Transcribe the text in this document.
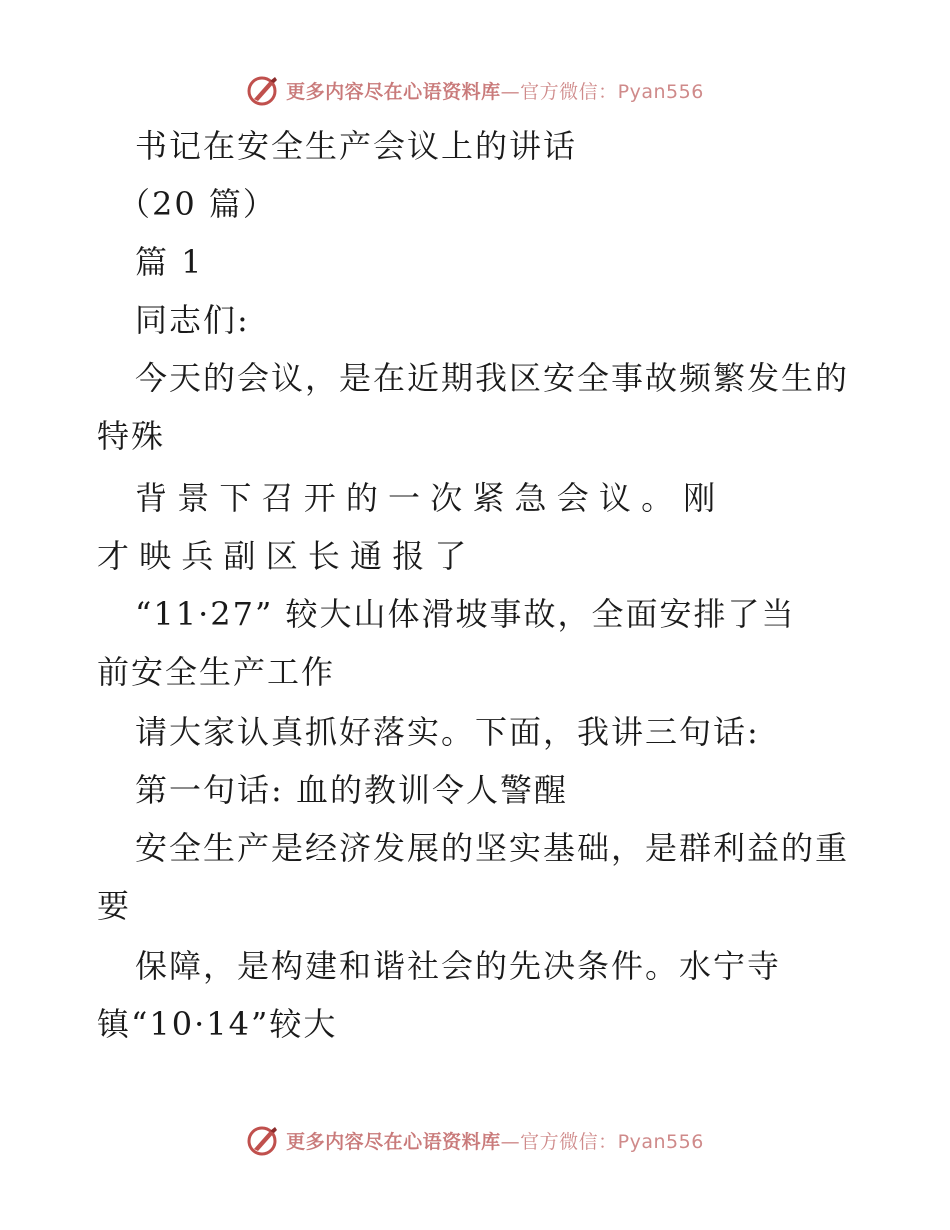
更多内容尽在心语资料库—官方微信：Pyan556
书记在安全生产会议上的讲话
（20 篇）
篇 1
同志们:
今天的会议，是在近期我区安全事故频繁发生的
特殊
背 景 下 召 开 的 一 次 紧 急 会 议 。 刚
才 映 兵 副 区 长 通 报 了
“11·27” 较大山体滑坡事故，全面安排了当
前安全生产工作
请大家认真抓好落实。下面，我讲三句话:
第一句话: 血的教训令人警醒
安全生产是经济发展的坚实基础，是群利益的重
要
保障，是构建和谐社会的先决条件。水宁寺
镇“10·14”较大
更多内容尽在心语资料库—官方微信：Pyan556
